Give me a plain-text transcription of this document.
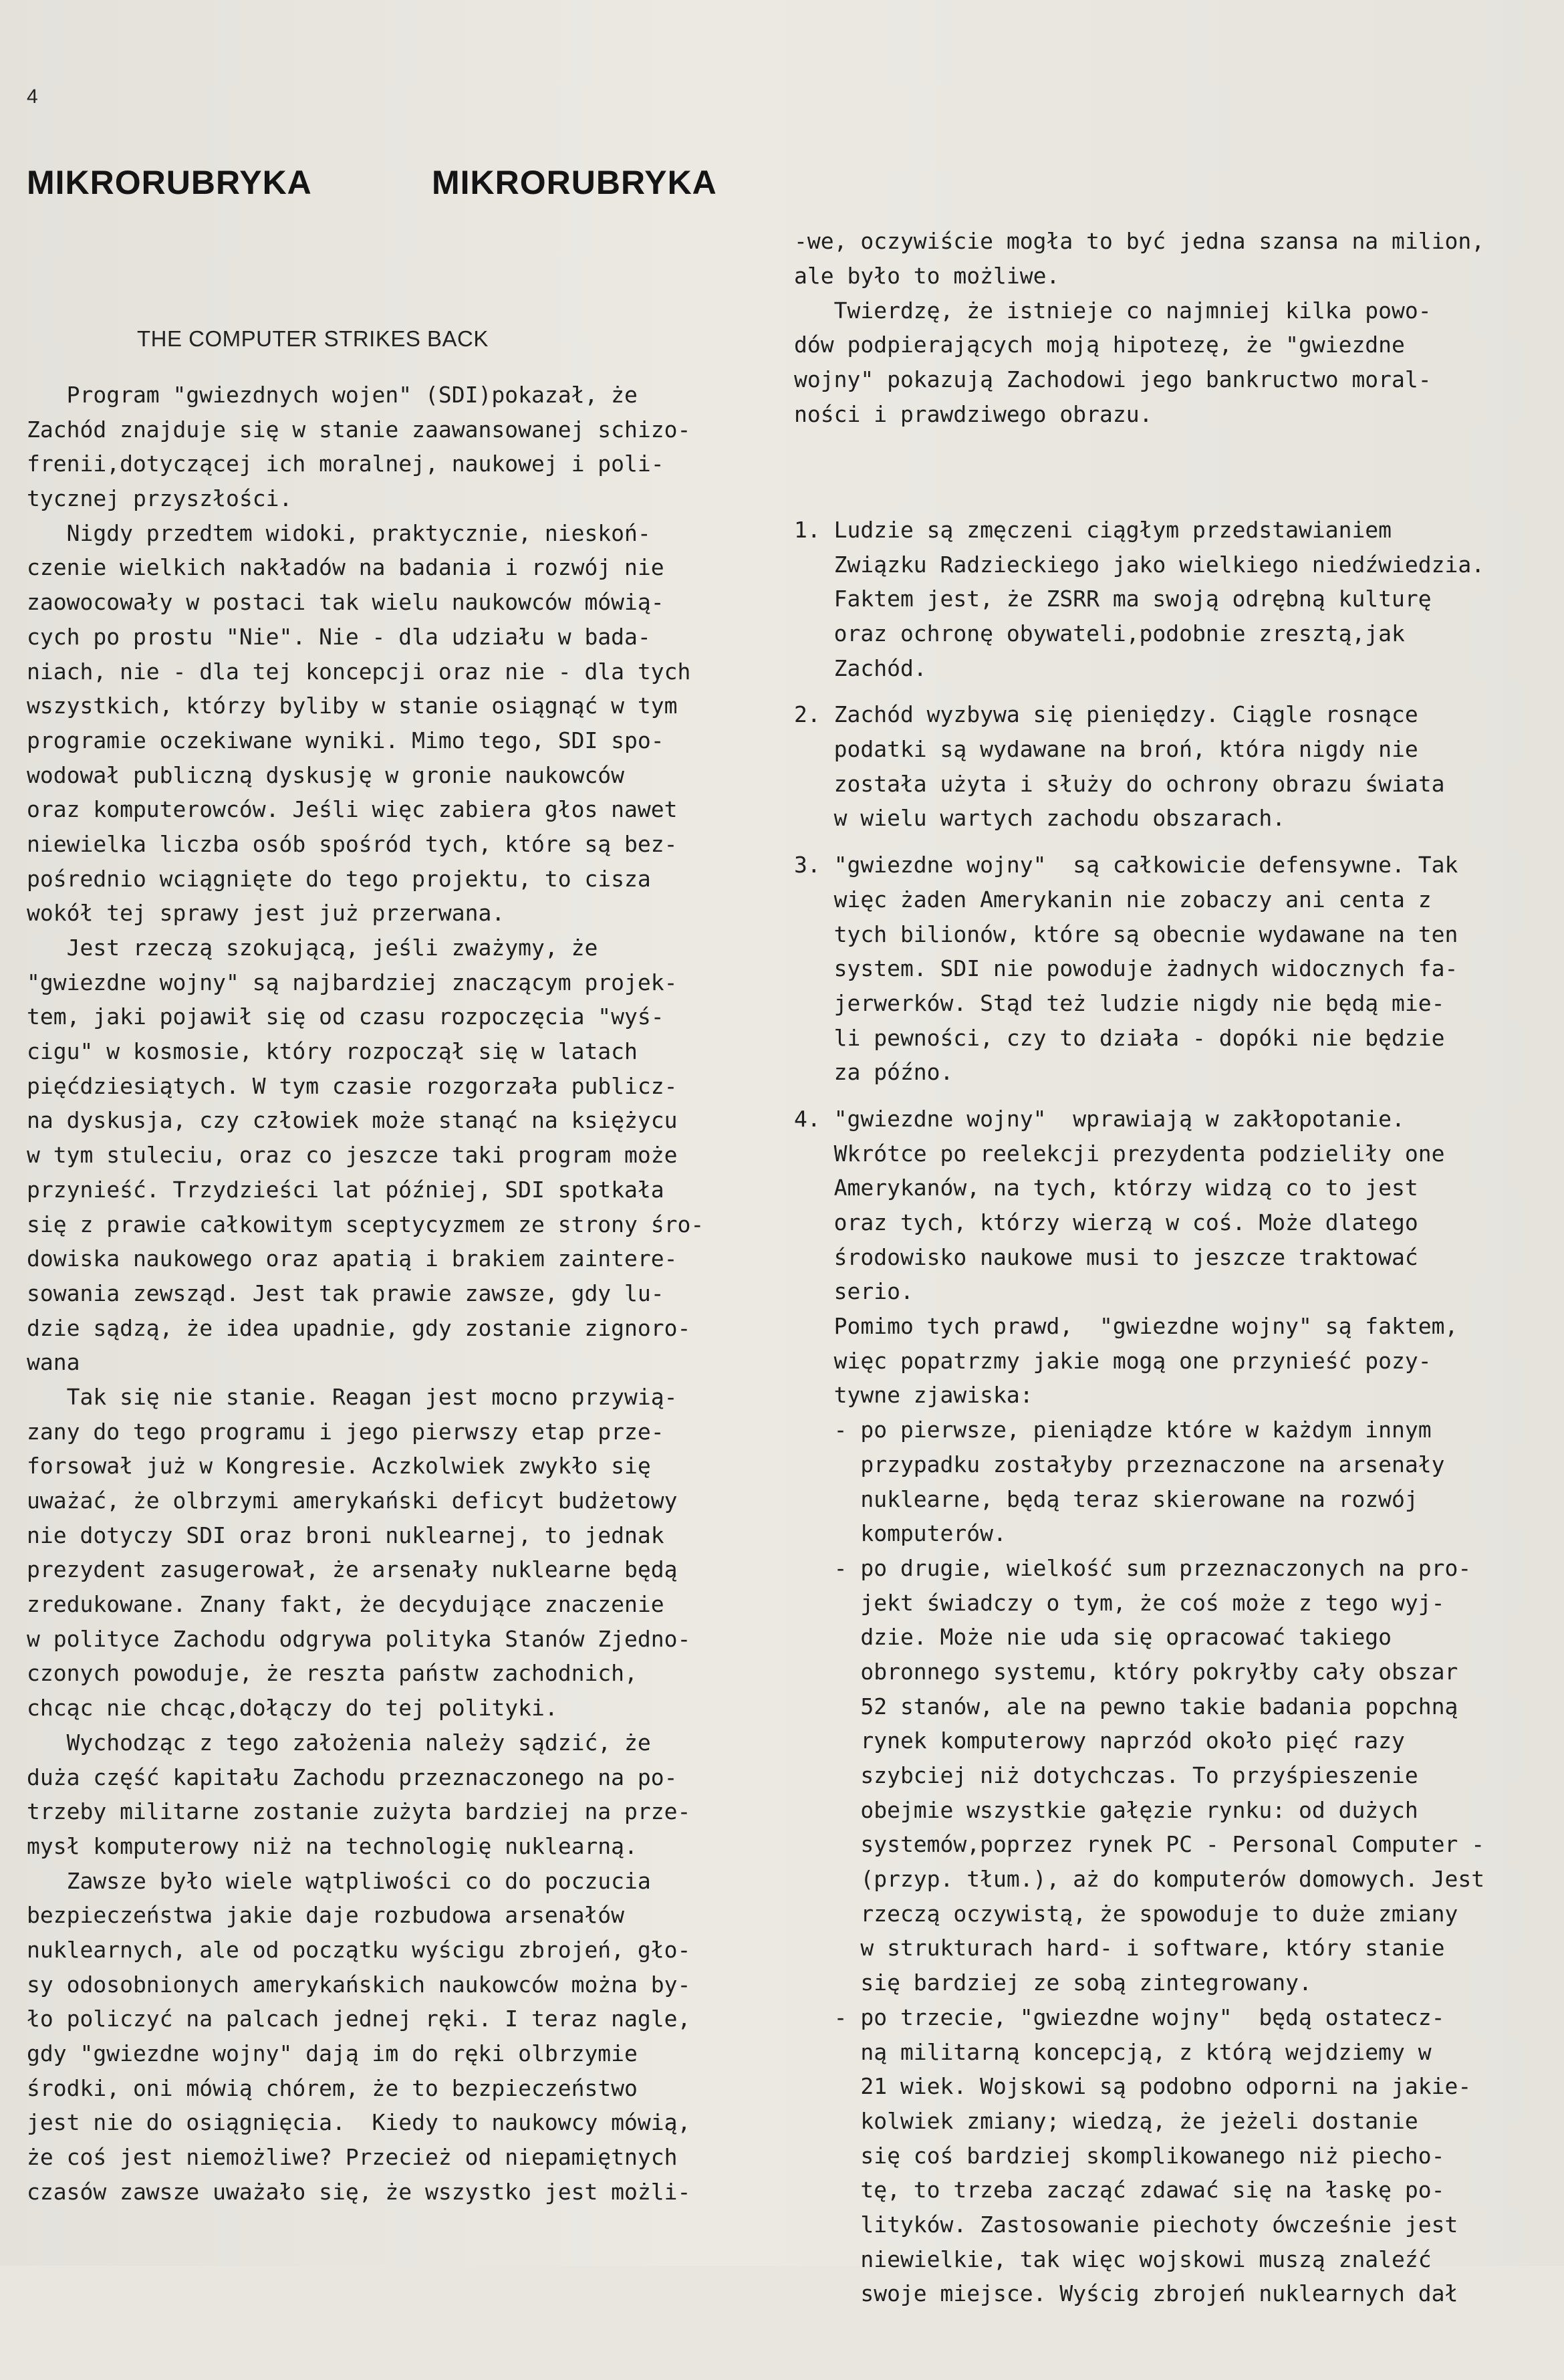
4
MIKRORUBRYKA	MIKRORUBRYKA
THE COMPUTER STRIKES BACK
Program "gwiezdnych wojen" (SDI)pokazał, że
Zachód znajduje się w stanie zaawansowanej schizo-
frenii,dotyczącej ich moralnej, naukowej i poli-
tycznej przyszłości.
Nigdy przedtem widoki, praktycznie, nieskoń-
czenie wielkich nakładów na badania i rozwój nie
zaowocowały w postaci tak wielu naukowców mówią-
cych po prostu "Nie". Nie - dla udziału w bada-
niach, nie - dla tej koncepcji oraz nie - dla tych
wszystkich, którzy byliby w stanie osiągnąć w tym
programie oczekiwane wyniki. Mimo tego, SDI spo-
wodował publiczną dyskusję w gronie naukowców
oraz komputerowców. Jeśli więc zabiera głos nawet
niewielka liczba osób spośród tych, które są bez-
pośrednio wciągnięte do tego projektu, to cisza
wokół tej sprawy jest już przerwana.
Jest rzeczą szokującą, jeśli zważymy, że
"gwiezdne wojny" są najbardziej znaczącym projek-
tem, jaki pojawił się od czasu rozpoczęcia "wyś-
cigu" w kosmosie, który rozpoczął się w latach
pięćdziesiątych. W tym czasie rozgorzała publicz-
na dyskusja, czy człowiek może stanąć na księżycu
w tym stuleciu, oraz co jeszcze taki program może
przynieść. Trzydzieści lat później, SDI spotkała
się z prawie całkowitym sceptycyzmem ze strony śro-
dowiska naukowego oraz apatią i brakiem zaintere-
sowania zewsząd. Jest tak prawie zawsze, gdy lu-
dzie sądzą, że idea upadnie, gdy zostanie zignoro-
wana
Tak się nie stanie. Reagan jest mocno przywią-
zany do tego programu i jego pierwszy etap prze-
forsował już w Kongresie. Aczkolwiek zwykło się
uważać, że olbrzymi amerykański deficyt budżetowy
nie dotyczy SDI oraz broni nuklearnej, to jednak
prezydent zasugerował, że arsenały nuklearne będą
zredukowane. Znany fakt, że decydujące znaczenie
w polityce Zachodu odgrywa polityka Stanów Zjedno-
czonych powoduje, że reszta państw zachodnich,
chcąc nie chcąc,dołączy do tej polityki.
Wychodząc z tego założenia należy sądzić, że
duża część kapitału Zachodu przeznaczonego na po-
trzeby militarne zostanie zużyta bardziej na prze-
mysł komputerowy niż na technologię nuklearną.
Zawsze było wiele wątpliwości co do poczucia
bezpieczeństwa jakie daje rozbudowa arsenałów
nuklearnych, ale od początku wyścigu zbrojeń, gło-
sy odosobnionych amerykańskich naukowców można by-
ło policzyć na palcach jednej ręki. I teraz nagle,
gdy "gwiezdne wojny" dają im do ręki olbrzymie
środki, oni mówią chórem, że to bezpieczeństwo
jest nie do osiągnięcia.  Kiedy to naukowcy mówią,
że coś jest niemożliwe? Przecież od niepamiętnych
czasów zawsze uważało się, że wszystko jest możli-

-we, oczywiście mogła to być jedna szansa na milion,
ale było to możliwe.
Twierdzę, że istnieje co najmniej kilka powo-
dów podpierających moją hipotezę, że "gwiezdne
wojny" pokazują Zachodowi jego bankructwo moral-
ności i prawdziwego obrazu.

1. Ludzie są zmęczeni ciągłym przedstawianiem
Związku Radzieckiego jako wielkiego niedźwiedzia.
Faktem jest, że ZSRR ma swoją odrębną kulturę
oraz ochronę obywateli,podobnie zresztą,jak
Zachód.
2. Zachód wyzbywa się pieniędzy. Ciągle rosnące
podatki są wydawane na broń, która nigdy nie
została użyta i służy do ochrony obrazu świata
w wielu wartych zachodu obszarach.
3. "gwiezdne wojny"  są całkowicie defensywne. Tak
więc żaden Amerykanin nie zobaczy ani centa z
tych bilionów, które są obecnie wydawane na ten
system. SDI nie powoduje żadnych widocznych fa-
jerwerków. Stąd też ludzie nigdy nie będą mie-
li pewności, czy to działa - dopóki nie będzie
za późno.
4. "gwiezdne wojny"  wprawiają w zakłopotanie.
Wkrótce po reelekcji prezydenta podzieliły one
Amerykanów, na tych, którzy widzą co to jest
oraz tych, którzy wierzą w coś. Może dlatego
środowisko naukowe musi to jeszcze traktować
serio.
Pomimo tych prawd,  "gwiezdne wojny" są faktem,
więc popatrzmy jakie mogą one przynieść pozy-
tywne zjawiska:
- po pierwsze, pieniądze które w każdym innym
przypadku zostałyby przeznaczone na arsenały
nuklearne, będą teraz skierowane na rozwój
komputerów.
- po drugie, wielkość sum przeznaczonych na pro-
jekt świadczy o tym, że coś może z tego wyj-
dzie. Może nie uda się opracować takiego
obronnego systemu, który pokryłby cały obszar
52 stanów, ale na pewno takie badania popchną
rynek komputerowy naprzód około pięć razy
szybciej niż dotychczas. To przyśpieszenie
obejmie wszystkie gałęzie rynku: od dużych
systemów,poprzez rynek PC - Personal Computer -
(przyp. tłum.), aż do komputerów domowych. Jest
rzeczą oczywistą, że spowoduje to duże zmiany
w strukturach hard- i software, który stanie
się bardziej ze sobą zintegrowany.
- po trzecie, "gwiezdne wojny"  będą ostatecz-
ną militarną koncepcją, z którą wejdziemy w
21 wiek. Wojskowi są podobno odporni na jakie-
kolwiek zmiany; wiedzą, że jeżeli dostanie
się coś bardziej skomplikowanego niż piecho-
tę, to trzeba zacząć zdawać się na łaskę po-
lityków. Zastosowanie piechoty ówcześnie jest
niewielkie, tak więc wojskowi muszą znaleźć
swoje miejsce. Wyścig zbrojeń nuklearnych dał
